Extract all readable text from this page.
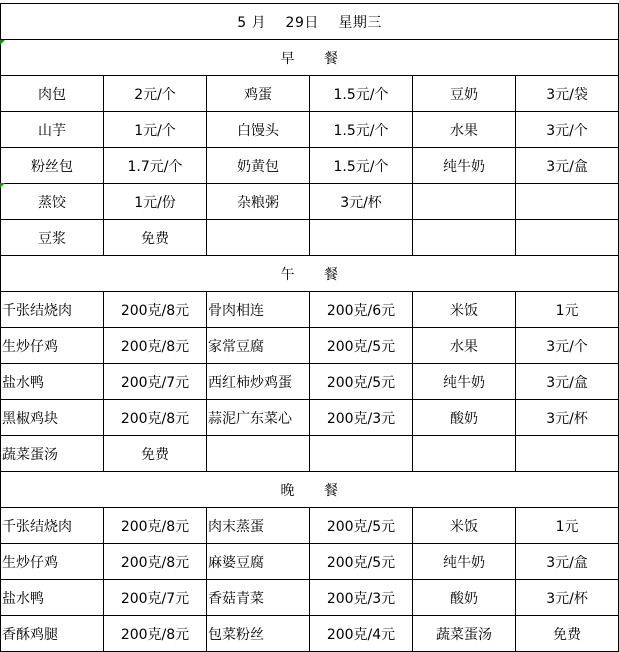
5 月　 29日　 星期三					
早　　餐					
肉包	2元/个	鸡蛋	1.5元/个	豆奶	3元/袋
山芋	1元/个	白馒头	1.5元/个	水果	3元/个
粉丝包	1.7元/个	奶黄包	1.5元/个	纯牛奶	3元/盒
蒸饺	1元/份	杂粮粥	3元/杯		
豆浆	免费				
午　　餐					
千张结烧肉	200克/8元	骨肉相连	200克/6元	米饭	1元
生炒仔鸡	200克/8元	家常豆腐	200克/5元	水果	3元/个
盐水鸭	200克/7元	西红柿炒鸡蛋	200克/5元	纯牛奶	3元/盒
黑椒鸡块	200克/8元	蒜泥广东菜心	200克/3元	酸奶	3元/杯
蔬菜蛋汤	免费				
晚　　餐					
千张结烧肉	200克/8元	肉末蒸蛋	200克/5元	米饭	1元
生炒仔鸡	200克/8元	麻婆豆腐	200克/5元	纯牛奶	3元/盒
盐水鸭	200克/7元	香菇青菜	200克/3元	酸奶	3元/杯
香酥鸡腿	200克/8元	包菜粉丝	200克/4元	蔬菜蛋汤	免费
